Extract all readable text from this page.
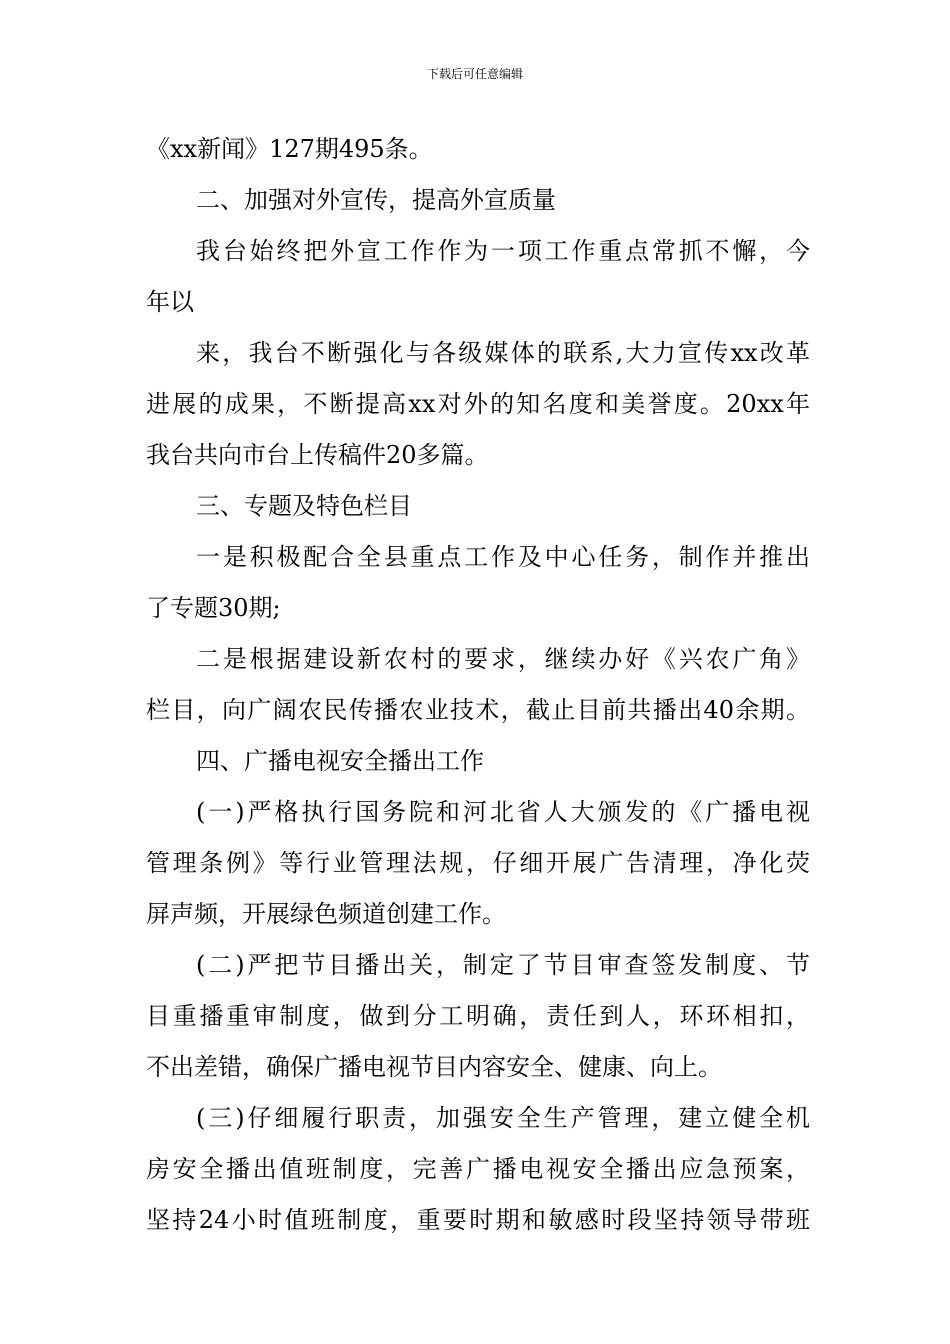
下载后可任意编辑
《xx新闻》127期495条。
二、加强对外宣传，提高外宣质量
我台始终把外宣工作作为一项工作重点常抓不懈，今
年以
来，我台不断强化与各级媒体的联系,大力宣传xx改革
进展的成果，不断提高xx对外的知名度和美誉度。20xx年
我台共向市台上传稿件20多篇。
三、专题及特色栏目
一是积极配合全县重点工作及中心任务，制作并推出
了专题30期;
二是根据建设新农村的要求，继续办好《兴农广角》
栏目，向广阔农民传播农业技术，截止目前共播出40余期。
四、广播电视安全播出工作
(一)严格执行国务院和河北省人大颁发的《广播电视
管理条例》等行业管理法规，仔细开展广告清理，净化荧
屏声频，开展绿色频道创建工作。
(二)严把节目播出关，制定了节目审查签发制度、节
目重播重审制度，做到分工明确，责任到人，环环相扣，
不出差错，确保广播电视节目内容安全、健康、向上。
(三)仔细履行职责，加强安全生产管理，建立健全机
房安全播出值班制度，完善广播电视安全播出应急预案，
坚持24小时值班制度，重要时期和敏感时段坚持领导带班
